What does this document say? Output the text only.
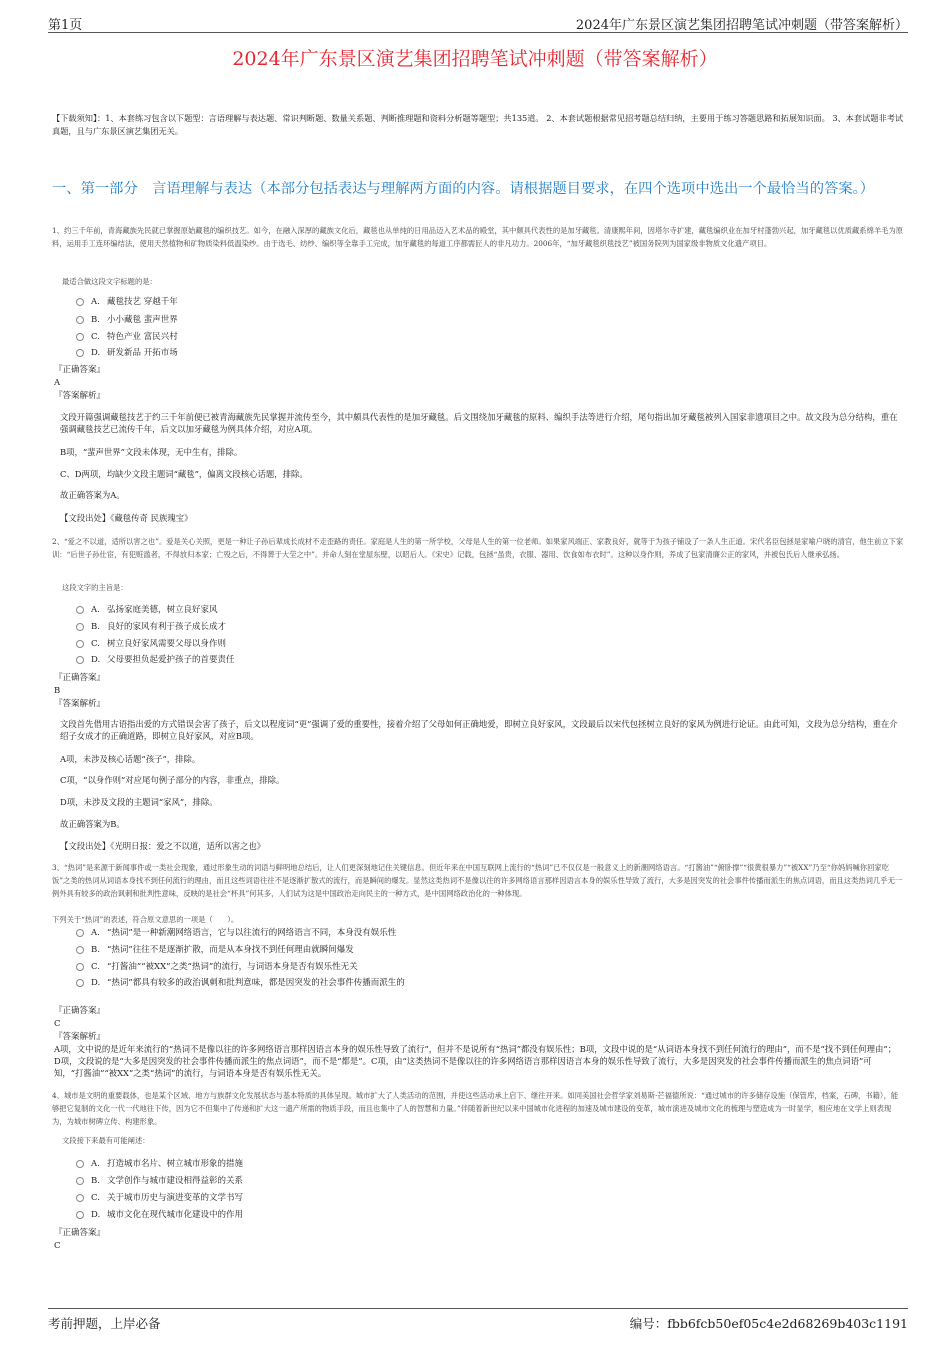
第1页	2024年广东景区演艺集团招聘笔试冲刺题（带答案解析）
2024年广东景区演艺集团招聘笔试冲刺题（带答案解析）
【下载须知】：1、本套练习包含以下题型：言语理解与表达题、常识判断题、数量关系题、判断推理题和资料分析题等题型；共135道。 2、本套试题根据常见招考题总结归纳，主要用于练习答题思路和拓展知识面。 3、本套试题非考试真题，且与广东景区演艺集团无关。
一、第一部分　言语理解与表达（本部分包括表达与理解两方面的内容。请根据题目要求，在四个选项中选出一个最恰当的答案。）
1、约三千年前，青海藏族先民就已掌握原始藏毯的编织技艺。如今，在融入深厚的藏族文化后，藏毯也从单纯的日用品迈入艺术品的殿堂，其中颇具代表性的是加牙藏毯。清康熙年间，因塔尔寺扩建，藏毯编织业在加牙村蓬勃兴起，加牙藏毯以优质藏系绵羊毛为原料，运用手工连环编结法，使用天然植物和矿物质染料低温染纱。由于选毛、纺纱、编织等全靠手工完成，加牙藏毯的每道工序都需匠人的非凡功力。2006年，“加牙藏毯织毯技艺”被国务院列为国家级非物质文化遗产项目。
最适合做这段文字标题的是：
A. 藏毯技艺 穿越千年
B. 小小藏毯 蜚声世界
C. 特色产业 富民兴村
D. 研发新品 开拓市场
『正确答案』
A
『答案解析』
文段开篇强调藏毯技艺于约三千年前便已被青海藏族先民掌握并流传至今，其中颇具代表性的是加牙藏毯。后文围绕加牙藏毯的原料、编织手法等进行介绍，尾句指出加牙藏毯被列入国家非遗项目之中。故文段为总分结构，重在强调藏毯技艺已流传千年，后文以加牙藏毯为例具体介绍，对应A项。
B项，“蜚声世界”文段未体现，无中生有，排除。
C、D两项，均缺少文段主题词“藏毯”，偏离文段核心话题，排除。
故正确答案为A。
【文段出处】《藏毯传奇 民族瑰宝》
2、“爱之不以道，适所以害之也”。爱是关心关照，更是一种让子孙后辈成长成材不走歪路的责任。家庭是人生的第一所学校，父母是人生的第一位老师。如果家风端正、家教良好，就等于为孩子铺设了一条人生正道。宋代名臣包拯是家喻户晓的清官，他生前立下家训：“后世子孙仕宦，有犯赃滥者，不得放归本家；亡殁之后，不得葬于大茔之中”。并命人刻在堂屋东壁，以昭后人。《宋史》记载，包拯“虽贵，衣服、器用、饮食如布衣时”。这种以身作则，养成了包家清廉公正的家风，并被包氏后人继承弘扬。
这段文字的主旨是：
A. 弘扬家庭美德，树立良好家风
B. 良好的家风有利于孩子成长成才
C. 树立良好家风需要父母以身作则
D. 父母要担负起爱护孩子的首要责任
『正确答案』
B
『答案解析』
文段首先借用古语指出爱的方式错误会害了孩子，后文以程度词“更”强调了爱的重要性，接着介绍了父母如何正确地爱，即树立良好家风，文段最后以宋代包拯树立良好的家风为例进行论证。由此可知，文段为总分结构，重在介绍子女成才的正确道路，即树立良好家风，对应B项。
A项，未涉及核心话题“孩子”，排除。
C项，“以身作则”对应尾句例子部分的内容，非重点，排除。
D项，未涉及文段的主题词“家风”，排除。
故正确答案为B。
【文段出处】《光明日报：爱之不以道，适所以害之也》
3、“热词”是来源于新闻事件或一类社会现象，通过形象生动的词语与鲜明地总结后，让人们更深刻地记住关键信息。但近年来在中国互联网上流行的“热词”已不仅仅是一般意义上的新潮网络语言。“打酱油”“俯卧撑”“很黄很暴力”“被XX”乃至“你妈妈喊你回家吃饭”之类的热词从词语本身找不到任何流行的理由，而且这些词语往往不是逐渐扩散式的流行，而是瞬间的爆发。显然这类热词不是像以往的许多网络语言那样因语言本身的娱乐性导致了流行，大多是因突发的社会事件传播而派生的焦点词语，而且这类热词几乎无一例外具有较多的政治讽刺和批判性意味，反映的是社会“杯具”何其多，人们试为这是中国政治走向民主的一种方式，是中国网络政治化的一种体现。
下列关于“热词”的表述，符合原文意思的一项是（　　）。
A. “热词”是一种新潮网络语言，它与以往流行的网络语言不同，本身没有娱乐性
B. “热词”往往不是逐渐扩散，而是从本身找不到任何理由就瞬间爆发
C. “打酱油”“被XX”之类“热词”的流行，与词语本身是否有娱乐性无关
D. “热词”都具有较多的政治讽刺和批判意味，都是因突发的社会事件传播而派生的
『正确答案』
C
『答案解析』
A项，文中说的是近年来流行的“热词不是像以往的许多网络语言那样因语言本身的娱乐性导致了流行”，但并不是说所有“热词”都没有娱乐性；B项，文段中说的是“从词语本身找不到任何流行的理由”，而不是“找不到任何理由”；D项，文段说的是“大多是因突发的社会事件传播而派生的焦点词语”，而不是“都是”。C项，由“这类热词不是像以往的许多网络语言那样因语言本身的娱乐性导致了流行，大多是因突发的社会事件传播而派生的焦点词语”可知，“打酱油”“被XX”之类“热词”的流行，与词语本身是否有娱乐性无关。
4、城市是文明的重要载体，也是某个区域、地方与族群文化发展状态与基本特质的具体呈现。城市扩大了人类活动的范围，并使这些活动承上启下、继往开来。如同美国社会哲学家刘易斯·芒福德所说：“通过城市的许多储存设施（保管库，档案，石碑，书籍），能够把它复制的文化一代一代地往下传，因为它不但集中了传递和扩大这一遗产所需的物质手段，而且也集中了人的智慧和力量。”伴随着新世纪以来中国城市化进程的加速及城市建设的变革，城市演进及城市文化的梳理与塑造成为一时显学，相应地在文学上则表现为，为城市树碑立传、构建形象。
文段接下来最有可能阐述：
A. 打造城市名片、树立城市形象的措施
B. 文学创作与城市建设相得益彰的关系
C. 关于城市历史与演进变革的文学书写
D. 城市文化在现代城市化建设中的作用
『正确答案』
C
考前押题，上岸必备	编号：fbb6fcb50ef05c4e2d68269b403c1191
